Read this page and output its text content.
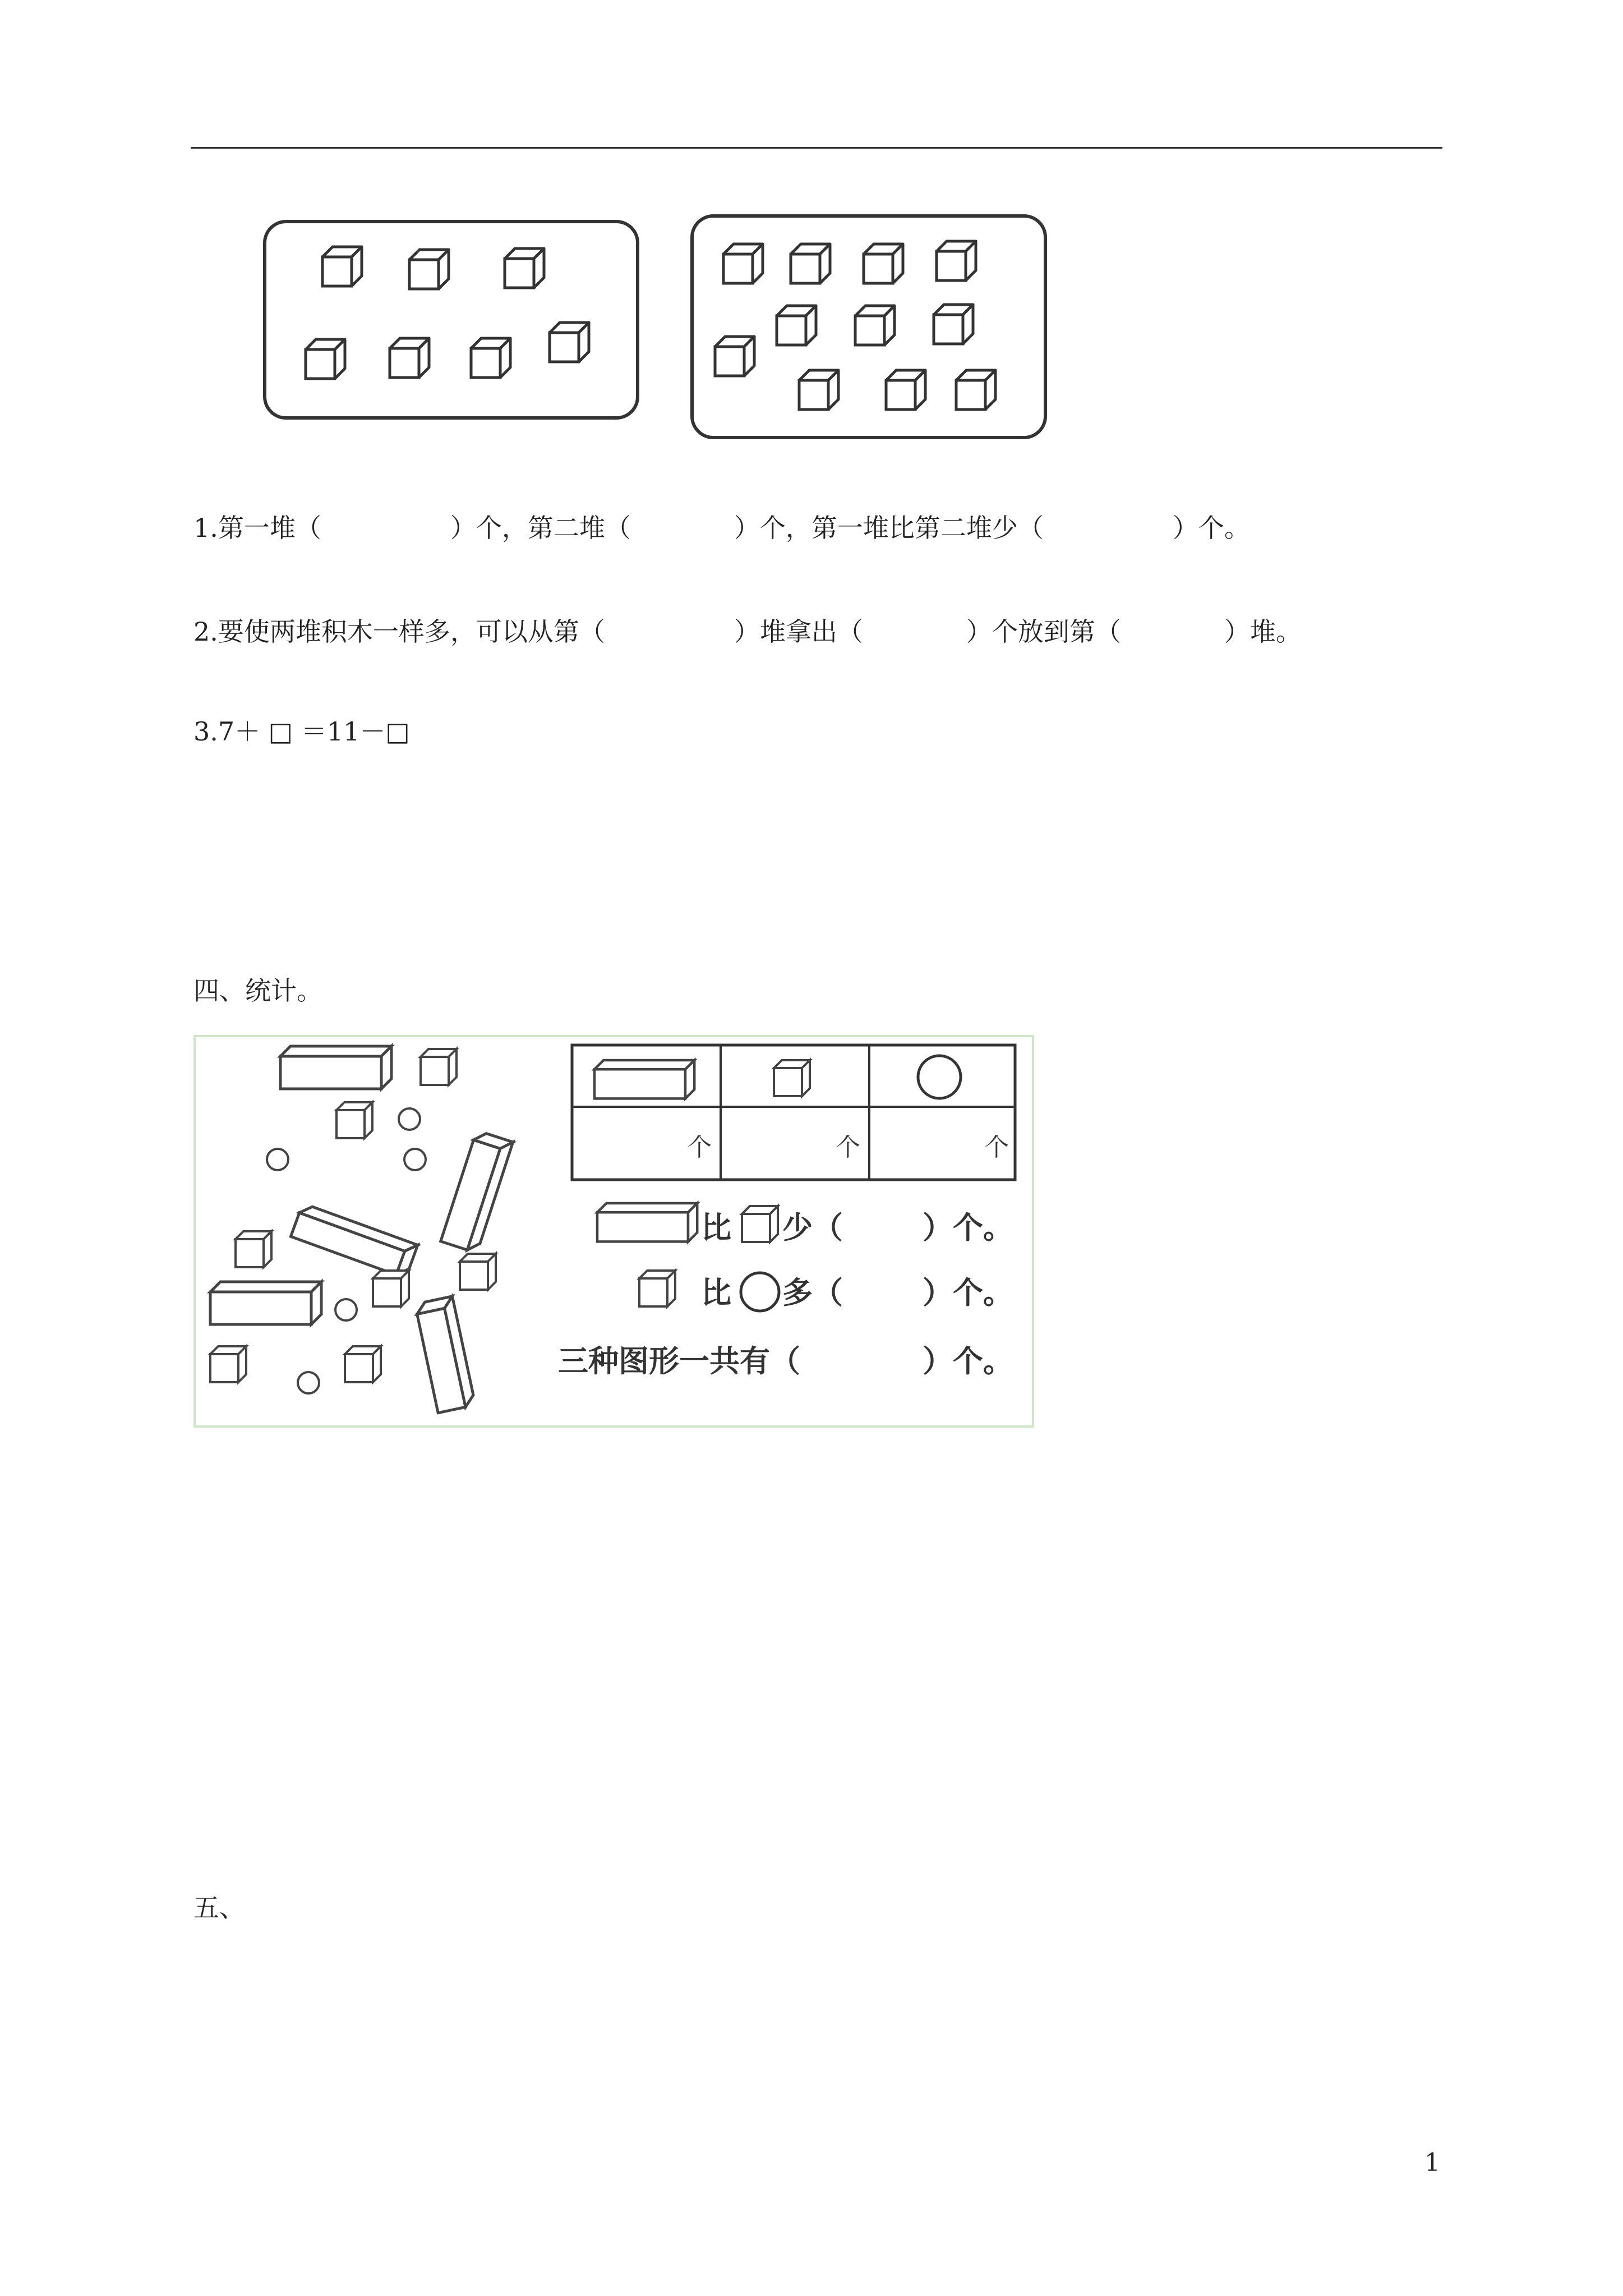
1.第一堆（　　　　　）个，第二堆（　　　　）个，第一堆比第二堆少（　　　　　）个。
2.要使两堆积木一样多，可以从第（　　　　　）堆拿出（　　　　）个放到第（　　　　）堆。
3.7＋ □ ＝11－□
四、统计。
个	个	个
比 少（	）个。
比 多（	）个。
三种图形一共有（	）个。
五、
1
